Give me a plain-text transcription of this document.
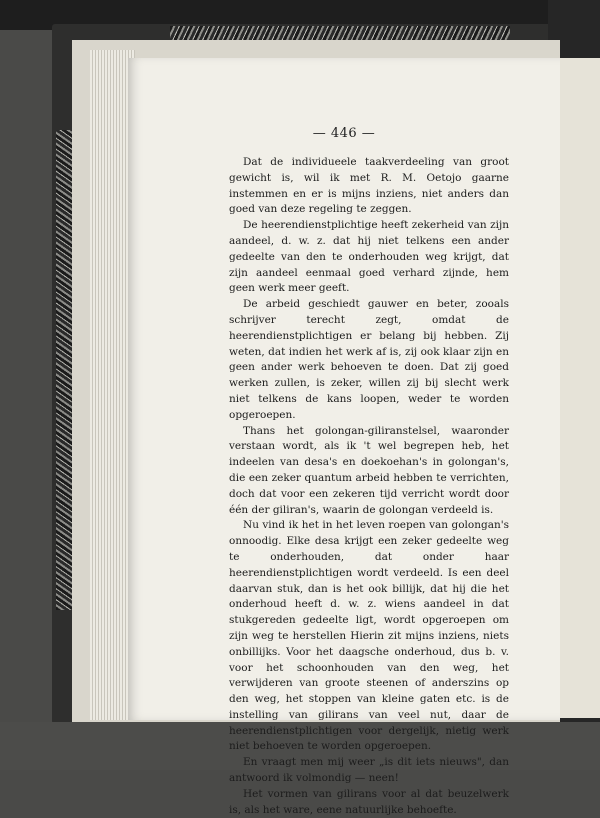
— 446 —

Dat de individueele taakverdeeling van groot gewicht is, wil ik met R. M. Oetojo gaarne instemmen en er is mijns inziens, niet anders dan goed van deze regeling te zeggen.

De heerendienstplichtige heeft zekerheid van zijn aandeel, d. w. z. dat hij niet telkens een ander gedeelte van den te onderhouden weg krijgt, dat zijn aandeel eenmaal goed verhard zijnde, hem geen werk meer geeft.

De arbeid geschiedt gauwer en beter, zooals schrijver terecht zegt, omdat de heerendienstplichtigen er belang bij hebben. Zij weten, dat indien het werk af is, zij ook klaar zijn en geen ander werk behoeven te doen. Dat zij goed werken zullen, is zeker, willen zij bij slecht werk niet telkens de kans loopen, weder te worden opgeroepen.

Thans het golongan-giliranstelsel, waaronder verstaan wordt, als ik 't wel begrepen heb, het indeelen van desa's en doekoehan's in golongan's, die een zeker quantum arbeid hebben te verrichten, doch dat voor een zekeren tijd verricht wordt door één der giliran's, waarin de golongan verdeeld is.

Nu vind ik het in het leven roepen van golongan's onnoodig. Elke desa krijgt een zeker gedeelte weg te onderhouden, dat onder haar heerendienstplichtigen wordt verdeeld. Is een deel daarvan stuk, dan is het ook billijk, dat hij die het onderhoud heeft d. w. z. wiens aandeel in dat stukgereden gedeelte ligt, wordt opgeroepen om zijn weg te herstellen Hierin zit mijns inziens, niets onbillijks. Voor het daagsche onderhoud, dus b. v. voor het schoonhouden van den weg, het verwijderen van groote steenen of anderszins op den weg, het stoppen van kleine gaten etc. is de instelling van gilirans van veel nut, daar de heerendienstplichtigen voor dergelijk, nietig werk niet behoeven te worden opgeroepen.

En vraagt men mij weer „is dit iets nieuws", dan antwoord ik volmondig — neen!

Het vormen van gilirans voor al dat beuzelwerk is, als het ware, eene natuurlijke behoefte.
